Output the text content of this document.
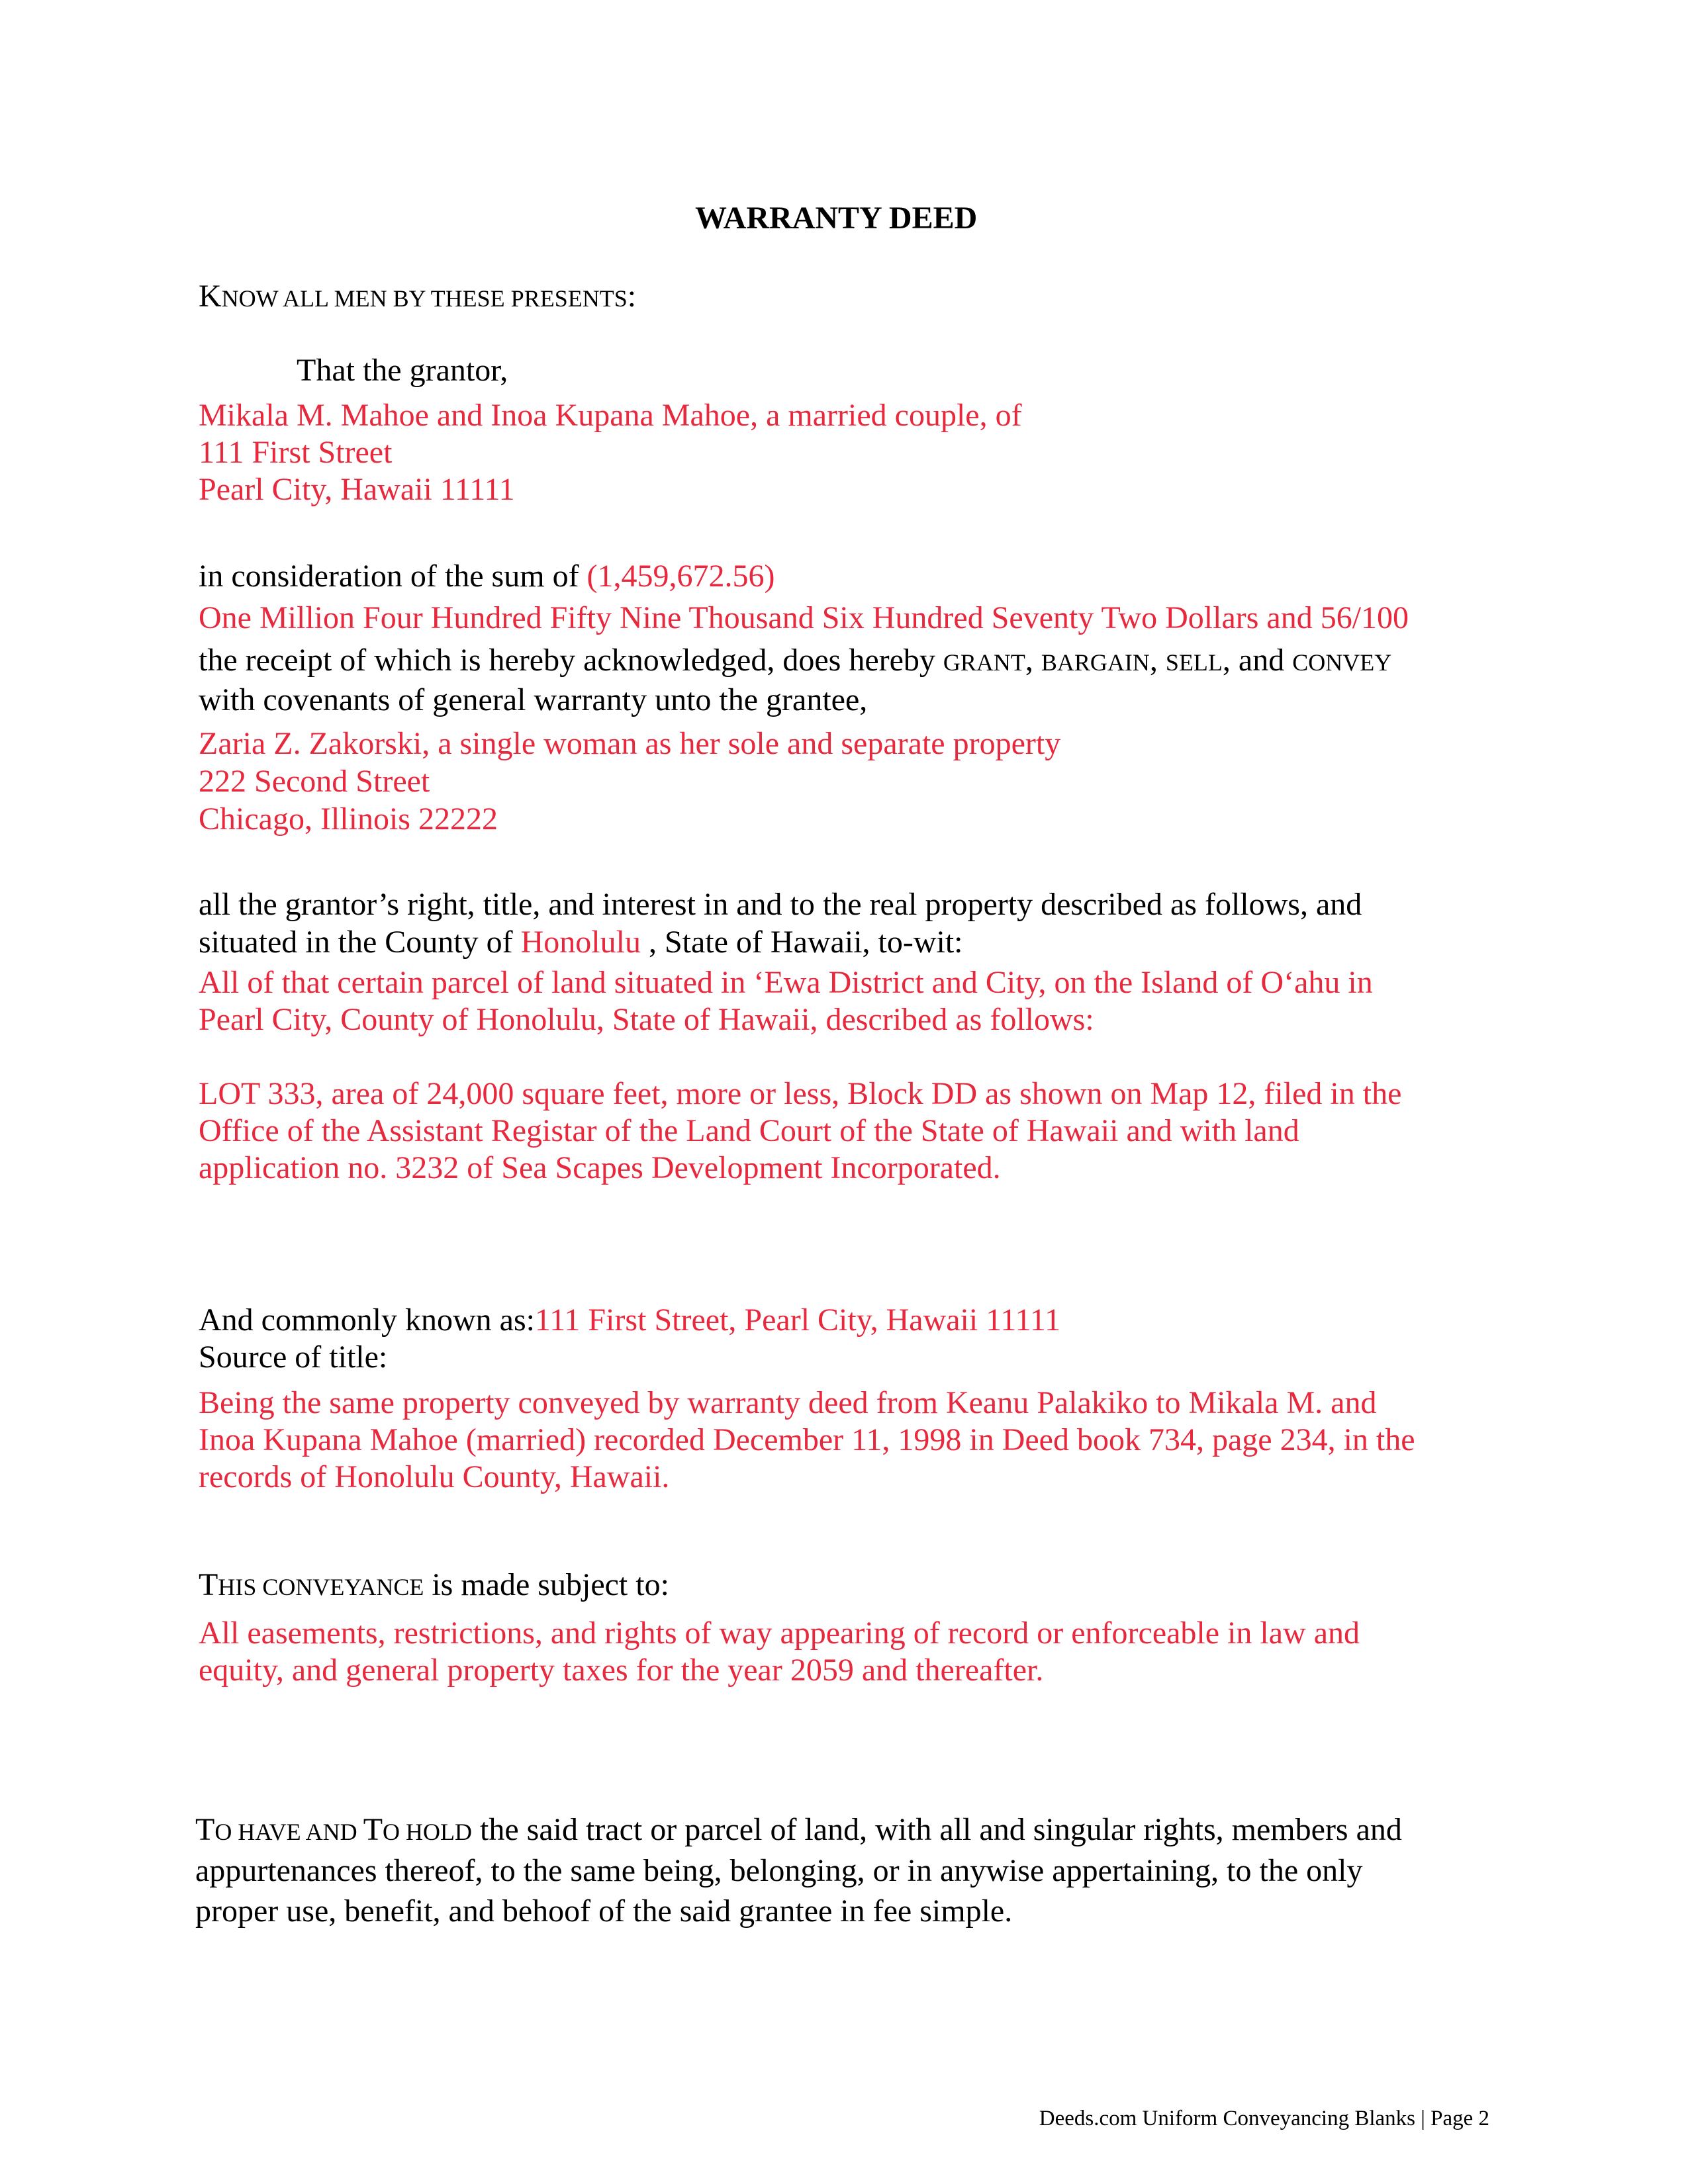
WARRANTY DEED
KNOW ALL MEN BY THESE PRESENTS:
That the grantor,
Mikala M. Mahoe and Inoa Kupana Mahoe, a married couple, of
111 First Street
Pearl City, Hawaii 11111
in consideration of the sum of (1,459,672.56)
One Million Four Hundred Fifty Nine Thousand Six Hundred Seventy Two Dollars and 56/100
the receipt of which is hereby acknowledged, does hereby GRANT, BARGAIN, SELL, and CONVEY
with covenants of general warranty unto the grantee,
Zaria Z. Zakorski, a single woman as her sole and separate property
222 Second Street
Chicago, Illinois 22222
all the grantor’s right, title, and interest in and to the real property described as follows, and
situated in the County of Honolulu , State of Hawaii, to-wit:
All of that certain parcel of land situated in ‘Ewa District and City, on the Island of O‘ahu in
Pearl City, County of Honolulu, State of Hawaii, described as follows:
LOT 333, area of 24,000 square feet, more or less, Block DD as shown on Map 12, filed in the
Office of the Assistant Registar of the Land Court of the State of Hawaii and with land
application no. 3232 of Sea Scapes Development Incorporated.
And commonly known as:111 First Street, Pearl City, Hawaii 11111
Source of title:
Being the same property conveyed by warranty deed from Keanu Palakiko to Mikala M. and
Inoa Kupana Mahoe (married) recorded December 11, 1998 in Deed book 734, page 234, in the
records of Honolulu County, Hawaii.
THIS CONVEYANCE is made subject to:
All easements, restrictions, and rights of way appearing of record or enforceable in law and
equity, and general property taxes for the year 2059 and thereafter.
TO HAVE AND TO HOLD the said tract or parcel of land, with all and singular rights, members and
appurtenances thereof, to the same being, belonging, or in anywise appertaining, to the only
proper use, benefit, and behoof of the said grantee in fee simple.
Deeds.com Uniform Conveyancing Blanks | Page 2
